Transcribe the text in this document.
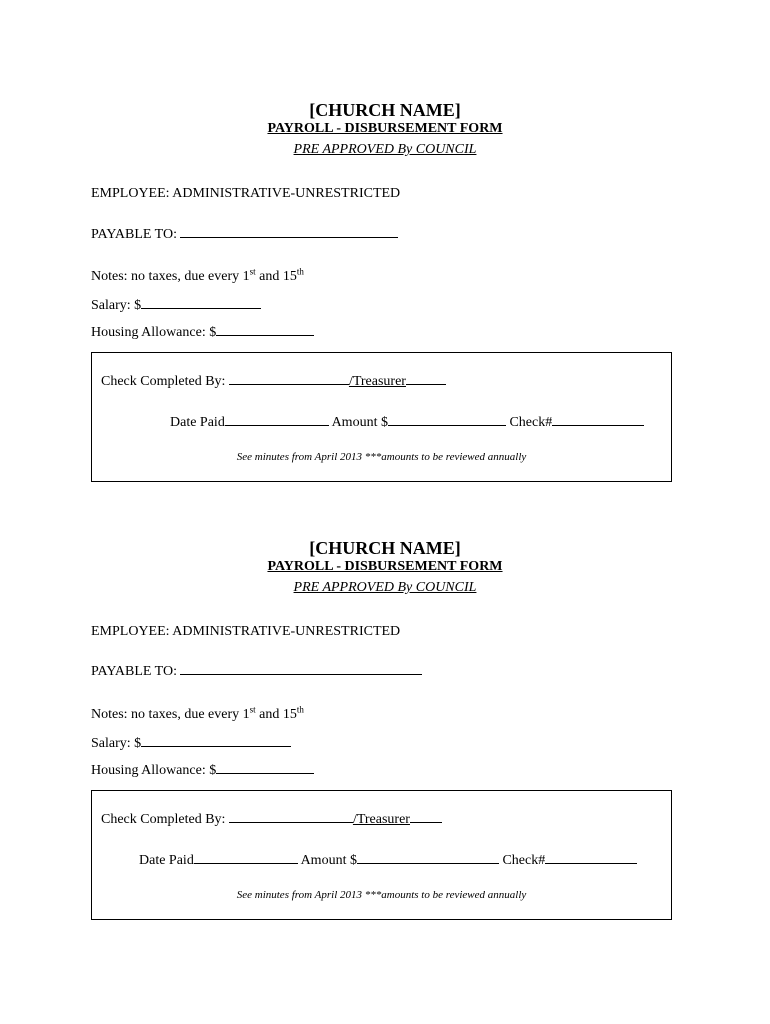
[CHURCH NAME]
PAYROLL - DISBURSEMENT FORM
PRE APPROVED By COUNCIL
EMPLOYEE: ADMINISTRATIVE-UNRESTRICTED
PAYABLE TO:
Notes: no taxes, due every 1st and 15th
Salary: $
Housing Allowance: $
Check Completed By:	/Treasurer
Date Paid	Amount $	Check#
See minutes from April 2013 ***amounts to be reviewed annually
[CHURCH NAME]
PAYROLL - DISBURSEMENT FORM
PRE APPROVED By COUNCIL
EMPLOYEE: ADMINISTRATIVE-UNRESTRICTED
PAYABLE TO:
Notes: no taxes, due every 1st and 15th
Salary: $
Housing Allowance: $
Check Completed By:	/Treasurer
Date Paid	Amount $	Check#
See minutes from April 2013 ***amounts to be reviewed annually
